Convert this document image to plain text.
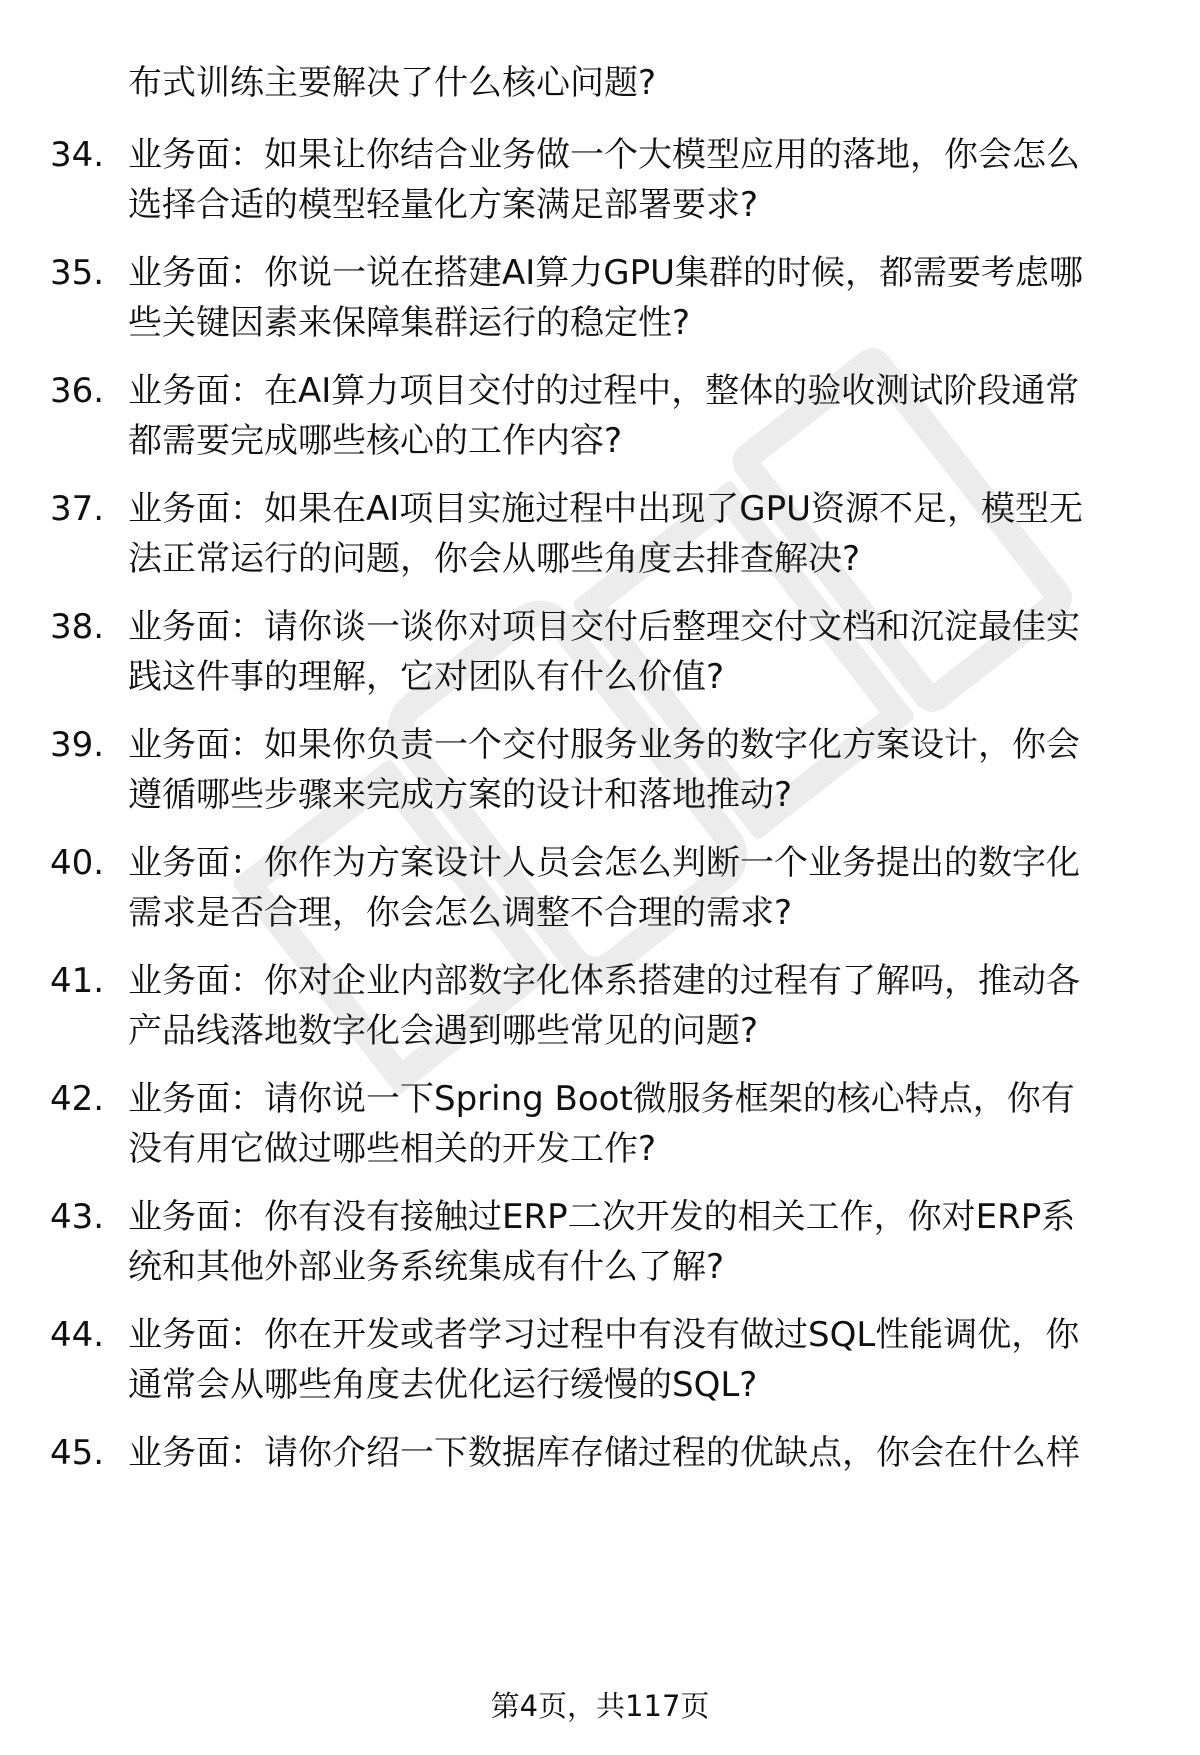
布式训练主要解决了什么核心问题?
34. 业务面：如果让你结合业务做一个大模型应用的落地，你会怎么
选择合适的模型轻量化方案满足部署要求?
35. 业务面：你说一说在搭建AI算力GPU集群的时候，都需要考虑哪
些关键因素来保障集群运行的稳定性?
36. 业务面：在AI算力项目交付的过程中，整体的验收测试阶段通常
都需要完成哪些核心的工作内容?
37. 业务面：如果在AI项目实施过程中出现了GPU资源不足，模型无
法正常运行的问题，你会从哪些角度去排查解决?
38. 业务面：请你谈一谈你对项目交付后整理交付文档和沉淀最佳实
践这件事的理解，它对团队有什么价值?
39. 业务面：如果你负责一个交付服务业务的数字化方案设计，你会
遵循哪些步骤来完成方案的设计和落地推动?
40. 业务面：你作为方案设计人员会怎么判断一个业务提出的数字化
需求是否合理，你会怎么调整不合理的需求?
41. 业务面：你对企业内部数字化体系搭建的过程有了解吗，推动各
产品线落地数字化会遇到哪些常见的问题?
42. 业务面：请你说一下Spring Boot微服务框架的核心特点，你有
没有用它做过哪些相关的开发工作?
43. 业务面：你有没有接触过ERP二次开发的相关工作，你对ERP系
统和其他外部业务系统集成有什么了解?
44. 业务面：你在开发或者学习过程中有没有做过SQL性能调优，你
通常会从哪些角度去优化运行缓慢的SQL?
45. 业务面：请你介绍一下数据库存储过程的优缺点，你会在什么样
第4页，共117页
